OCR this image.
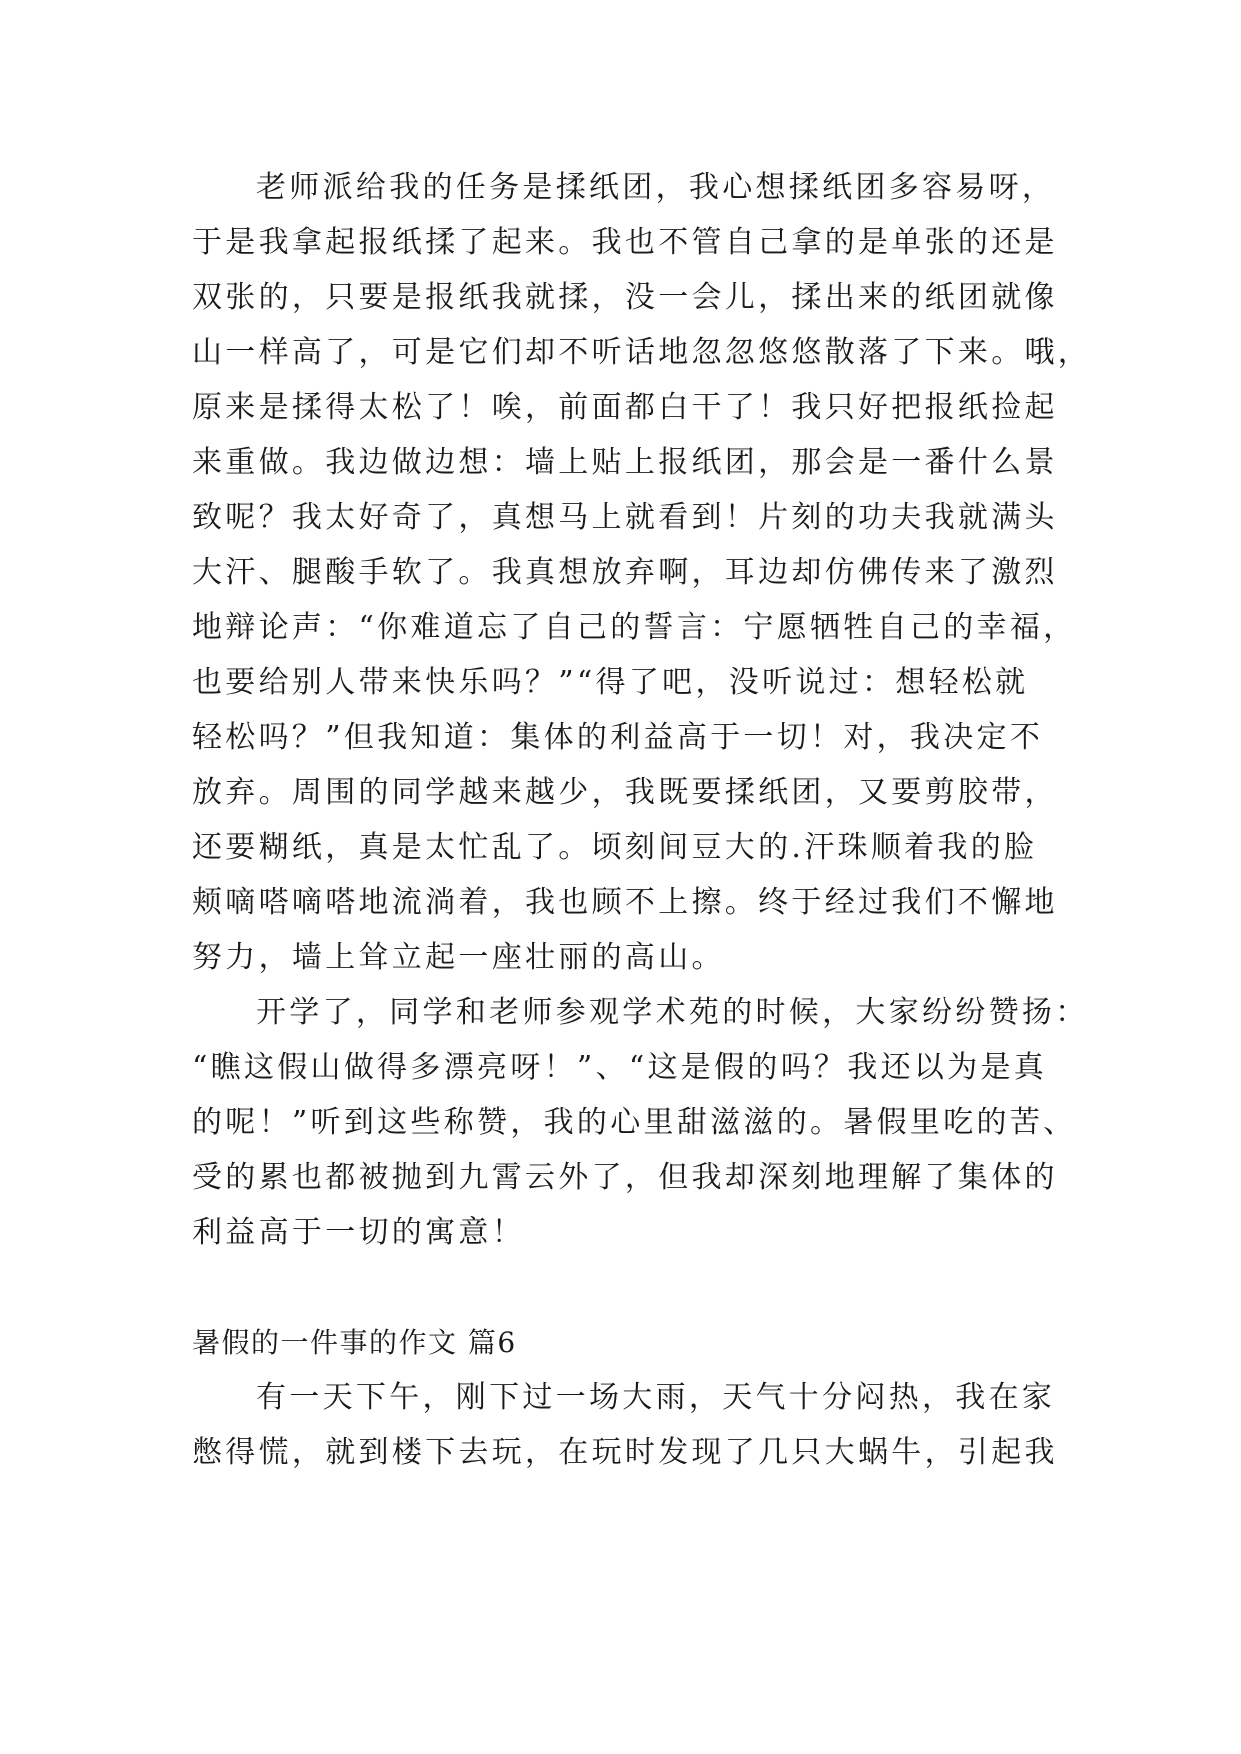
老师派给我的任务是揉纸团，我心想揉纸团多容易呀，
于是我拿起报纸揉了起来。我也不管自己拿的是单张的还是
双张的，只要是报纸我就揉，没一会儿，揉出来的纸团就像
山一样高了，可是它们却不听话地忽忽悠悠散落了下来。哦，
原来是揉得太松了！唉，前面都白干了！我只好把报纸捡起
来重做。我边做边想：墙上贴上报纸团，那会是一番什么景
致呢？我太好奇了，真想马上就看到！片刻的功夫我就满头
大汗、腿酸手软了。我真想放弃啊，耳边却仿佛传来了激烈
地辩论声：“你难道忘了自己的誓言：宁愿牺牲自己的幸福，
也要给别人带来快乐吗？”“得了吧，没听说过：想轻松就
轻松吗？”但我知道：集体的利益高于一切！对，我决定不
放弃。周围的同学越来越少，我既要揉纸团，又要剪胶带，
还要糊纸，真是太忙乱了。顷刻间豆大的.汗珠顺着我的脸
颊嘀嗒嘀嗒地流淌着，我也顾不上擦。终于经过我们不懈地
努力，墙上耸立起一座壮丽的高山。
开学了，同学和老师参观学术苑的时候，大家纷纷赞扬：
“瞧这假山做得多漂亮呀！”、“这是假的吗？我还以为是真
的呢！”听到这些称赞，我的心里甜滋滋的。暑假里吃的苦、
受的累也都被抛到九霄云外了，但我却深刻地理解了集体的
利益高于一切的寓意！
暑假的一件事的作文 篇6
有一天下午，刚下过一场大雨，天气十分闷热，我在家
憋得慌，就到楼下去玩，在玩时发现了几只大蜗牛，引起我
